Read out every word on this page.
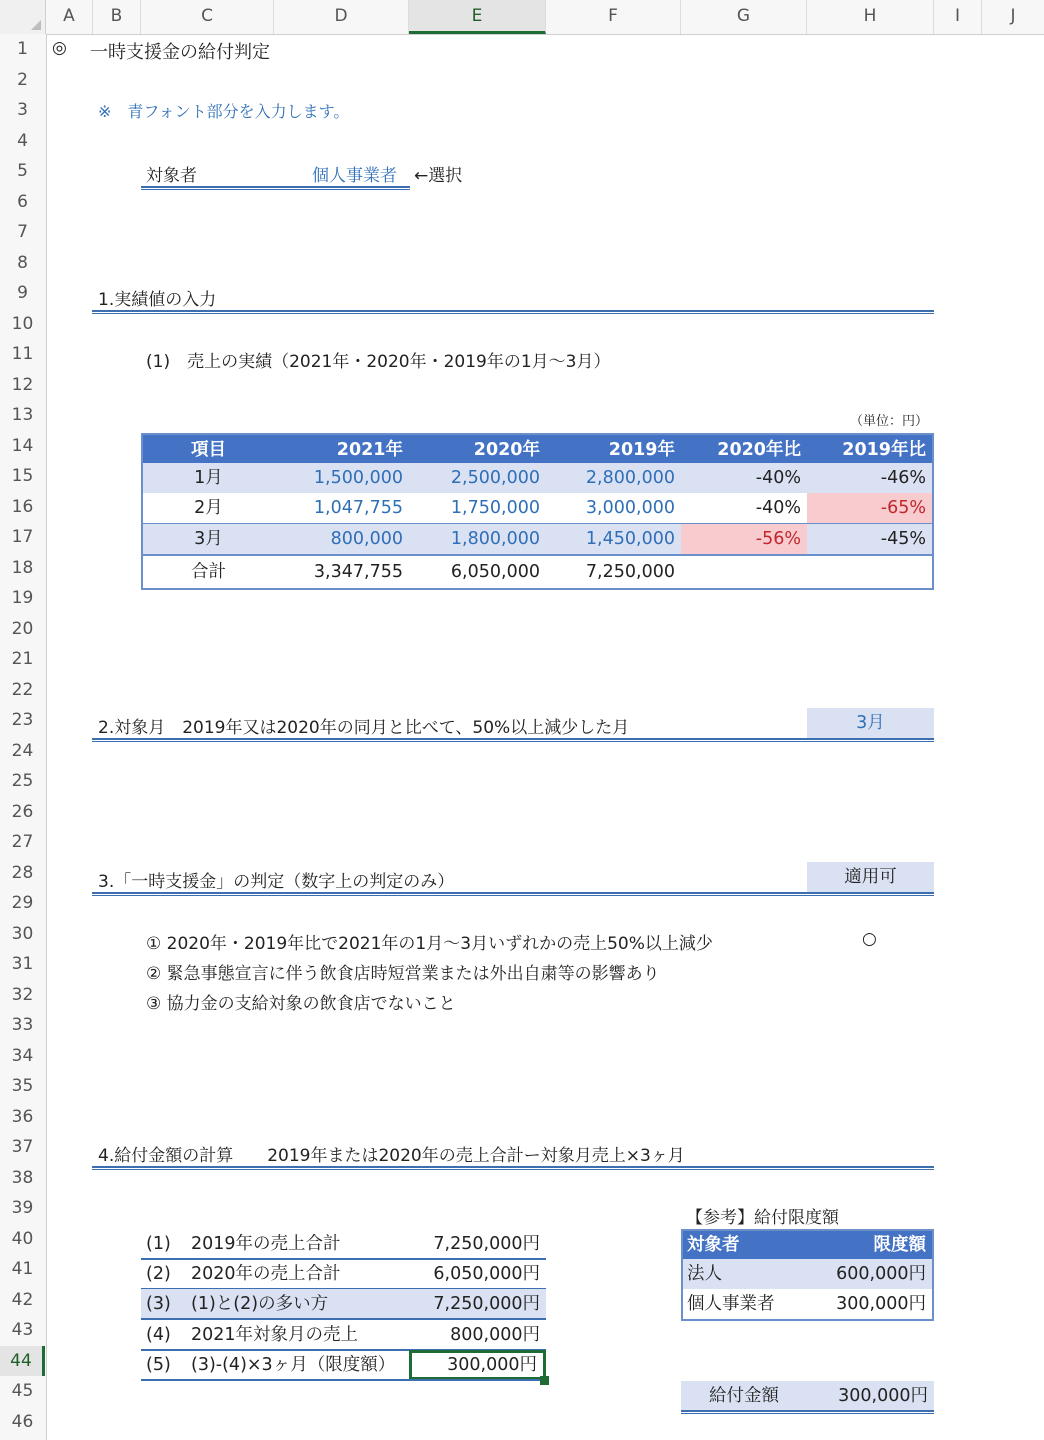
A	B	C	D	E	F	G	H	I	J
1
2
3
4
5
6
7
8
9
10
11
12
13
14
15
16
17
18
19
20
21
22
23
24
25
26
27
28
29
30
31
32
33
34
35
36
37
38
39
40
41
42
43
44
45
46
◎ 一時支援金の給付判定
※　青フォント部分を入力します。
対象者	個人事業者 ←選択
1.実績値の入力
(1)　売上の実績（2021年・2020年・2019年の1月～3月）
（単位：円）
項目	2021年	2020年	2019年	2020年比	2019年比
1月	1,500,000	2,500,000	2,800,000	-40%	-46%
2月	1,047,755	1,750,000	3,000,000	-40%	-65%
3月	800,000	1,800,000	1,450,000	-56%	-45%
合計	3,347,755	6,050,000	7,250,000
2.対象月　2019年又は2020年の同月と比べて、50%以上減少した月	3月
3.「一時支援金」の判定（数字上の判定のみ）	適用可
① 2020年・2019年比で2021年の1月～3月いずれかの売上50%以上減少	○
② 緊急事態宣言に伴う飲食店時短営業または外出自粛等の影響あり
③ 協力金の支給対象の飲食店でないこと
4.給付金額の計算　　2019年または2020年の売上合計ー対象月売上×3ヶ月
(1)	2019年の売上合計	7,250,000円
(2)	2020年の売上合計	6,050,000円
(3)	(1)と(2)の多い方	7,250,000円
(4)	2021年対象月の売上	800,000円
(5)	(3)-(4)×3ヶ月（限度額）	300,000円
【参考】給付限度額
対象者	限度額
法人	600,000円
個人事業者	300,000円
給付金額	300,000円
